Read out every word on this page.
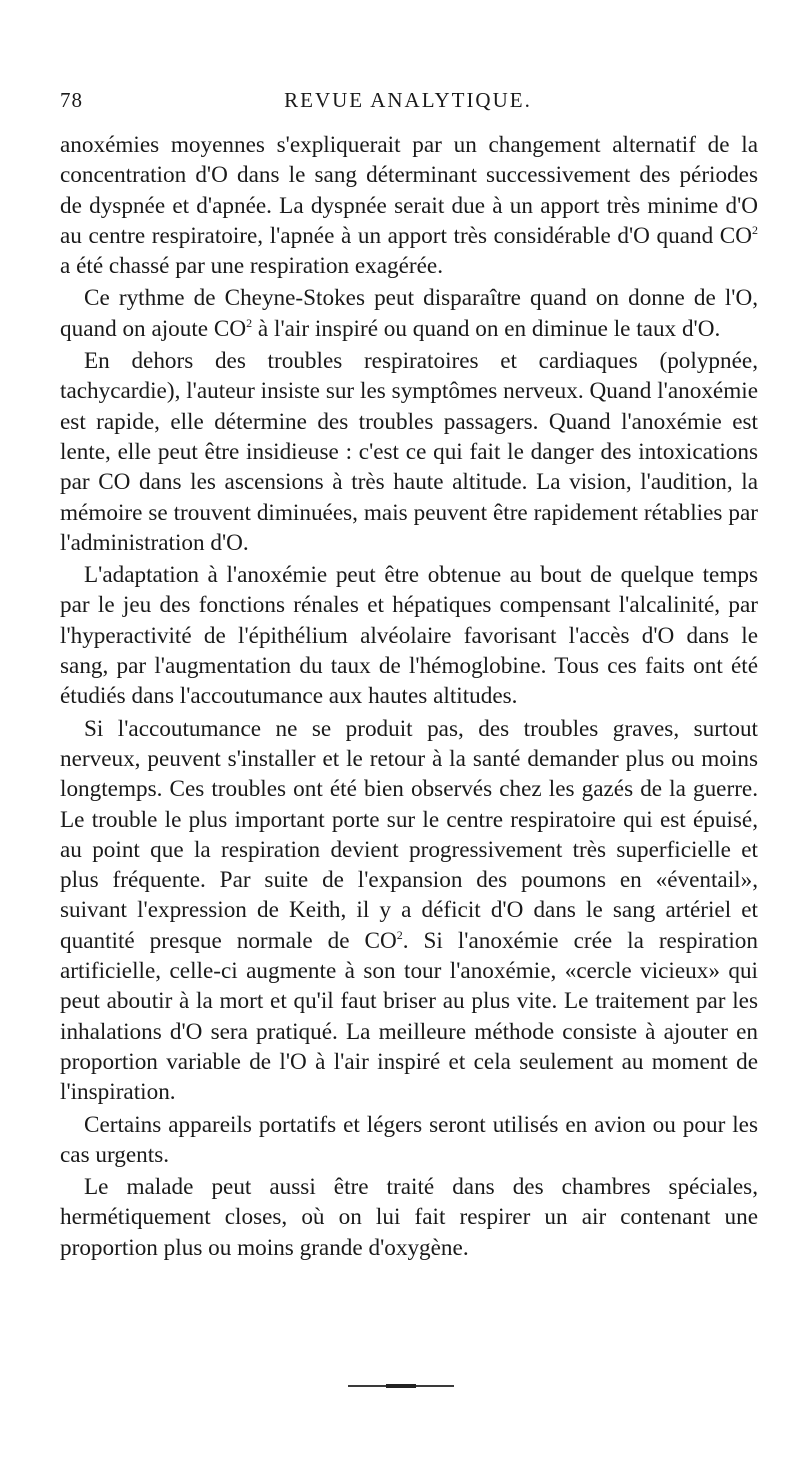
78	REVUE ANALYTIQUE.

anoxémies moyennes s'expliquerait par un changement alternatif de la concentration d'O dans le sang déterminant successivement des périodes de dyspnée et d'apnée. La dyspnée serait due à un apport très minime d'O au centre respiratoire, l'apnée à un apport très considérable d'O quand $CO^2$ a été chassé par une respiration exagérée.

Ce rythme de Cheyne-Stokes peut disparaître quand on donne de l'O, quand on ajoute $CO^2$ à l'air inspiré ou quand on en diminue le taux d'O.

En dehors des troubles respiratoires et cardiaques (polypnée, tachycardie), l'auteur insiste sur les symptômes nerveux. Quand l'anoxémie est rapide, elle détermine des troubles passagers. Quand l'anoxémie est lente, elle peut être insidieuse : c'est ce qui fait le danger des intoxications par CO dans les ascensions à très haute altitude. La vision, l'audition, la mémoire se trouvent diminuées, mais peuvent être rapidement rétablies par l'administration d'O.

L'adaptation à l'anoxémie peut être obtenue au bout de quelque temps par le jeu des fonctions rénales et hépatiques compensant l'alcalinité, par l'hyperactivité de l'épithélium alvéolaire favorisant l'accès d'O dans le sang, par l'augmentation du taux de l'hémoglobine. Tous ces faits ont été étudiés dans l'accoutumance aux hautes altitudes.

Si l'accoutumance ne se produit pas, des troubles graves, surtout nerveux, peuvent s'installer et le retour à la santé demander plus ou moins longtemps. Ces troubles ont été bien observés chez les gazés de la guerre. Le trouble le plus important porte sur le centre respiratoire qui est épuisé, au point que la respiration devient progressivement très superficielle et plus fréquente. Par suite de l'expansion des poumons en «éventail», suivant l'expression de Keith, il y a déficit d'O dans le sang artériel et quantité presque normale de $CO^2$. Si l'anoxémie crée la respiration artificielle, celle-ci augmente à son tour l'anoxémie, «cercle vicieux» qui peut aboutir à la mort et qu'il faut briser au plus vite. Le traitement par les inhalations d'O sera pratiqué. La meilleure méthode consiste à ajouter en proportion variable de l'O à l'air inspiré et cela seulement au moment de l'inspiration.

Certains appareils portatifs et légers seront utilisés en avion ou pour les cas urgents.

Le malade peut aussi être traité dans des chambres spéciales, hermétiquement closes, où on lui fait respirer un air contenant une proportion plus ou moins grande d'oxygène.
